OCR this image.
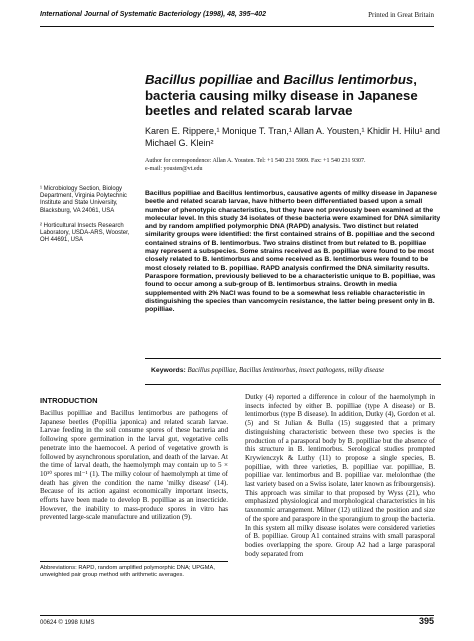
International Journal of Systematic Bacteriology (1998), 48, 395–402	Printed in Great Britain
Bacillus popilliae and Bacillus lentimorbus, bacteria causing milky disease in Japanese beetles and related scarab larvae
Karen E. Rippere,¹ Monique T. Tran,¹ Allan A. Yousten,¹ Khidir H. Hilu¹ and Michael G. Klein²
Author for correspondence: Allan A. Yousten. Tel: +1 540 231 5909. Fax: +1 540 231 9307.
e-mail: yousten@vt.edu
¹ Microbiology Section, Biology Department, Virginia Polytechnic Institute and State University, Blacksburg, VA 24061, USA
² Horticultural Insects Research Laboratory, USDA-ARS, Wooster, OH 44691, USA

Bacillus popilliae and Bacillus lentimorbus, causative agents of milky disease in Japanese beetle and related scarab larvae, have hitherto been differentiated based upon a small number of phenotypic characteristics, but they have not previously been examined at the molecular level. In this study 34 isolates of these bacteria were examined for DNA similarity and by random amplified polymorphic DNA (RAPD) analysis. Two distinct but related similarity groups were identified: the first contained strains of B. popilliae and the second contained strains of B. lentimorbus. Two strains distinct from but related to B. popilliae may represent a subspecies. Some strains received as B. popilliae were found to be most closely related to B. lentimorbus and some received as B. lentimorbus were found to be most closely related to B. popilliae. RAPD analysis confirmed the DNA similarity results. Paraspore formation, previously believed to be a characteristic unique to B. popilliae, was found to occur among a sub-group of B. lentimorbus strains. Growth in media supplemented with 2% NaCl was found to be a somewhat less reliable characteristic in distinguishing the species than vancomycin resistance, the latter being present only in B. popilliae.

Keywords: Bacillus popilliae, Bacillus lentimorbus, insect pathogens, milky disease
INTRODUCTION

Bacillus popilliae and Bacillus lentimorbus are pathogens of Japanese beetles (Popillia japonica) and related scarab larvae. Larvae feeding in the soil consume spores of these bacteria and following spore germination in the larval gut, vegetative cells penetrate into the haemocoel. A period of vegetative growth is followed by asynchronous sporulation, and death of the larvae. At the time of larval death, the haemolymph may contain up to 5 × 10¹⁰ spores ml⁻¹ (1). The milky colour of haemolymph at time of death has given the condition the name 'milky disease' (14). Because of its action against economically important insects, efforts have been made to develop B. popilliae as an insecticide. However, the inability to mass-produce spores in vitro has prevented large-scale manufacture and utilization (9).

Abbreviations: RAPD, random amplified polymorphic DNA; UPGMA, unweighted pair group method with arithmetic averages.

Dutky (4) reported a difference in colour of the haemolymph in insects infected by either B. popilliae (type A disease) or B. lentimorbus (type B disease). In addition, Dutky (4), Gordon et al. (5) and St Julian & Bulla (15) suggested that a primary distinguishing characteristic between these two species is the production of a parasporal body by B. popilliae but the absence of this structure in B. lentimorbus. Serological studies prompted Krywienczyk & Luthy (11) to propose a single species, B. popilliae, with three varieties, B. popilliae var. popilliae, B. popilliae var. lentimorbus and B. popilliae var. melolonthae (the last variety based on a Swiss isolate, later known as fribourgensis). This approach was similar to that proposed by Wyss (21), who emphasized physiological and morphological characteristics in his taxonomic arrangement. Milner (12) utilized the position and size of the spore and paraspore in the sporangium to group the bacteria. In this system all milky disease isolates were considered varieties of B. popilliae. Group A1 contained strains with small parasporal bodies overlapping the spore. Group A2 had a large parasporal body separated from

00624 © 1998 IUMS	395
